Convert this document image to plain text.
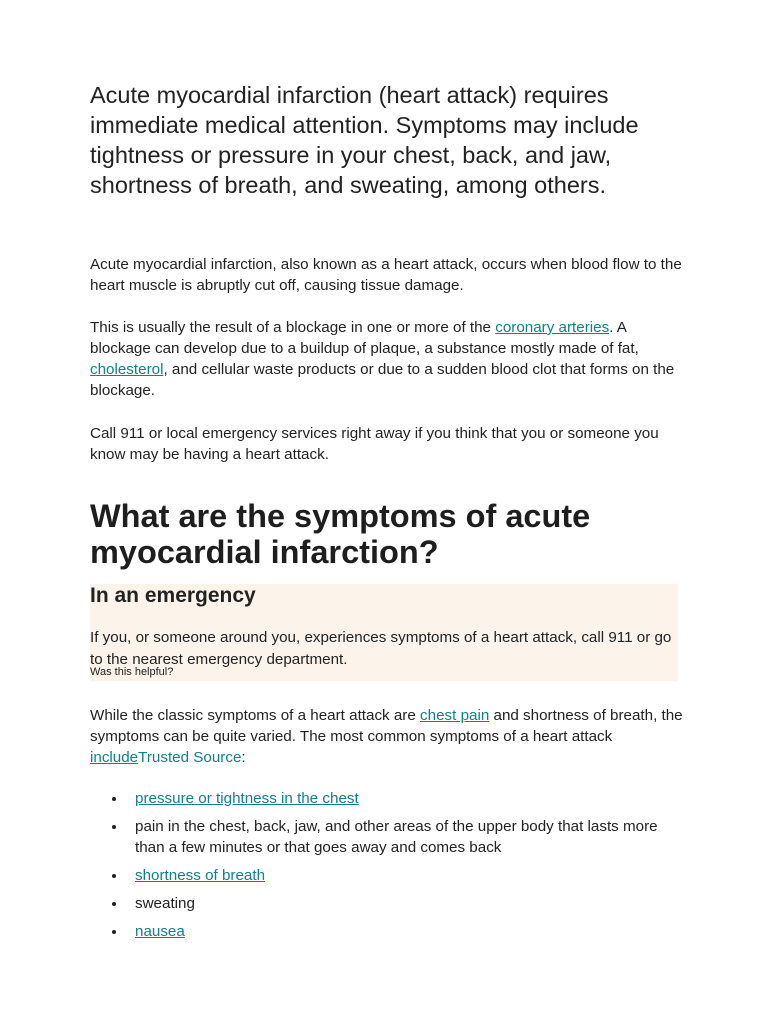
Acute myocardial infarction (heart attack) requires immediate medical attention. Symptoms may include tightness or pressure in your chest, back, and jaw, shortness of breath, and sweating, among others.

Acute myocardial infarction, also known as a heart attack, occurs when blood flow to the heart muscle is abruptly cut off, causing tissue damage.

This is usually the result of a blockage in one or more of the coronary arteries. A blockage can develop due to a buildup of plaque, a substance mostly made of fat, cholesterol, and cellular waste products or due to a sudden blood clot that forms on the blockage.

Call 911 or local emergency services right away if you think that you or someone you know may be having a heart attack.

What are the symptoms of acute myocardial infarction?
In an emergency

If you, or someone around you, experiences symptoms of a heart attack, call 911 or go to the nearest emergency department.

Was this helpful?

While the classic symptoms of a heart attack are chest pain and shortness of breath, the symptoms can be quite varied. The most common symptoms of a heart attack includeTrusted Source:

pressure or tightness in the chest
pain in the chest, back, jaw, and other areas of the upper body that lasts more than a few minutes or that goes away and comes back
shortness of breath
sweating
nausea
